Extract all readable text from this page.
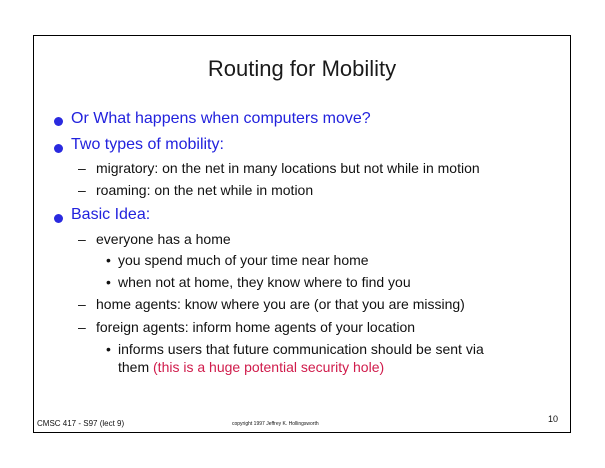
Routing for Mobility
Or What happens when computers move?
Two types of mobility:
– migratory: on the net in many locations but not while in motion
– roaming: on the net while in motion
Basic Idea:
– everyone has a home
• you spend much of your time near home
• when not at home, they know where to find you
– home agents: know where you are (or that you are missing)
– foreign agents: inform home agents of your location
• informs users that future communication should be sent via
them (this is a huge potential security hole)
CMSC 417 - S97 (lect 9)	copyright 1997 Jeffrey K. Hollingsworth	10
